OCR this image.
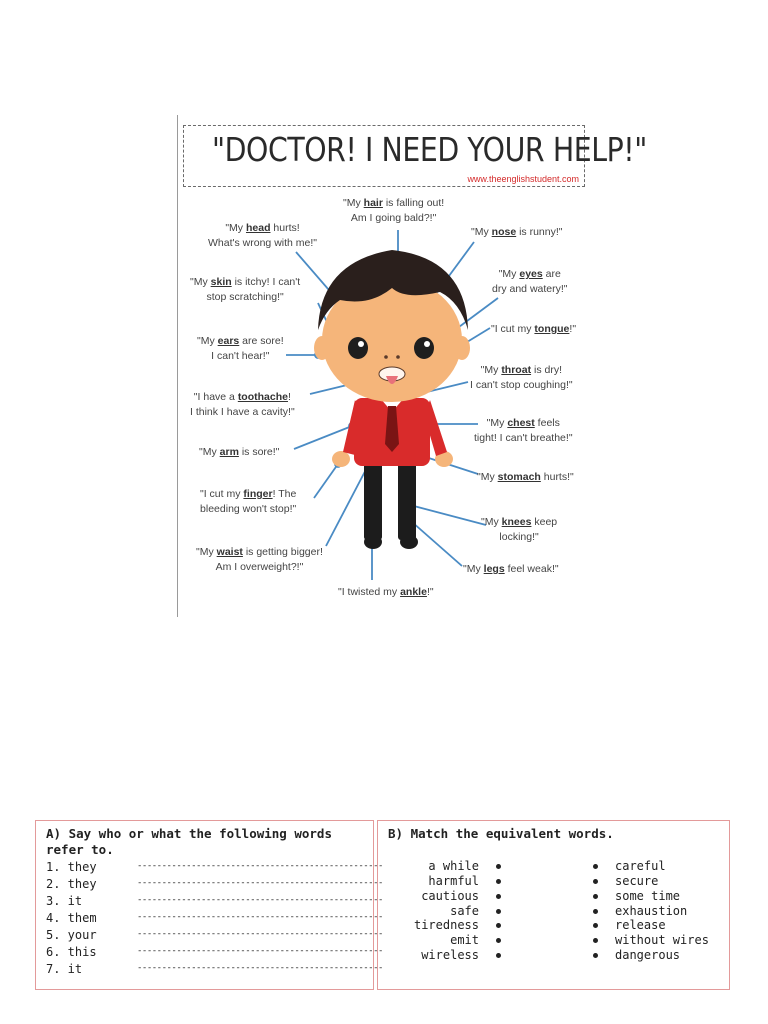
"DOCTOR! I NEED YOUR HELP!"
www.theenglishstudent.com
"My hair is falling out!
Am I going bald?!"
"My head hurts!
What's wrong with me!"
"My nose is runny!"
"My skin is itchy! I can't
stop scratching!"
"My eyes are
dry and watery!"
"I cut my tongue!"
"My ears are sore!
I can't hear!"
"My throat is dry!
I can't stop coughing!"
"I have a toothache!
I think I have a cavity!"
"My chest feels
tight! I can't breathe!"
"My arm is sore!"
"My stomach hurts!"
"I cut my finger! The
bleeding won't stop!"
"My knees keep
locking!"
"My waist is getting bigger!
Am I overweight?!"	"My legs feel weak!"
"I twisted my ankle!"
A) Say who or what the following words refer to.
1. they
2. they
3. it
4. them
5. your
6. this
7. it
--------------------------------------------------
--------------------------------------------------
--------------------------------------------------
--------------------------------------------------
--------------------------------------------------
--------------------------------------------------
--------------------------------------------------
B) Match the equivalent words.
a while
harmful
cautious
safe
tiredness
emit
wireless
careful
secure
some time
exhaustion
release
without wires
dangerous
